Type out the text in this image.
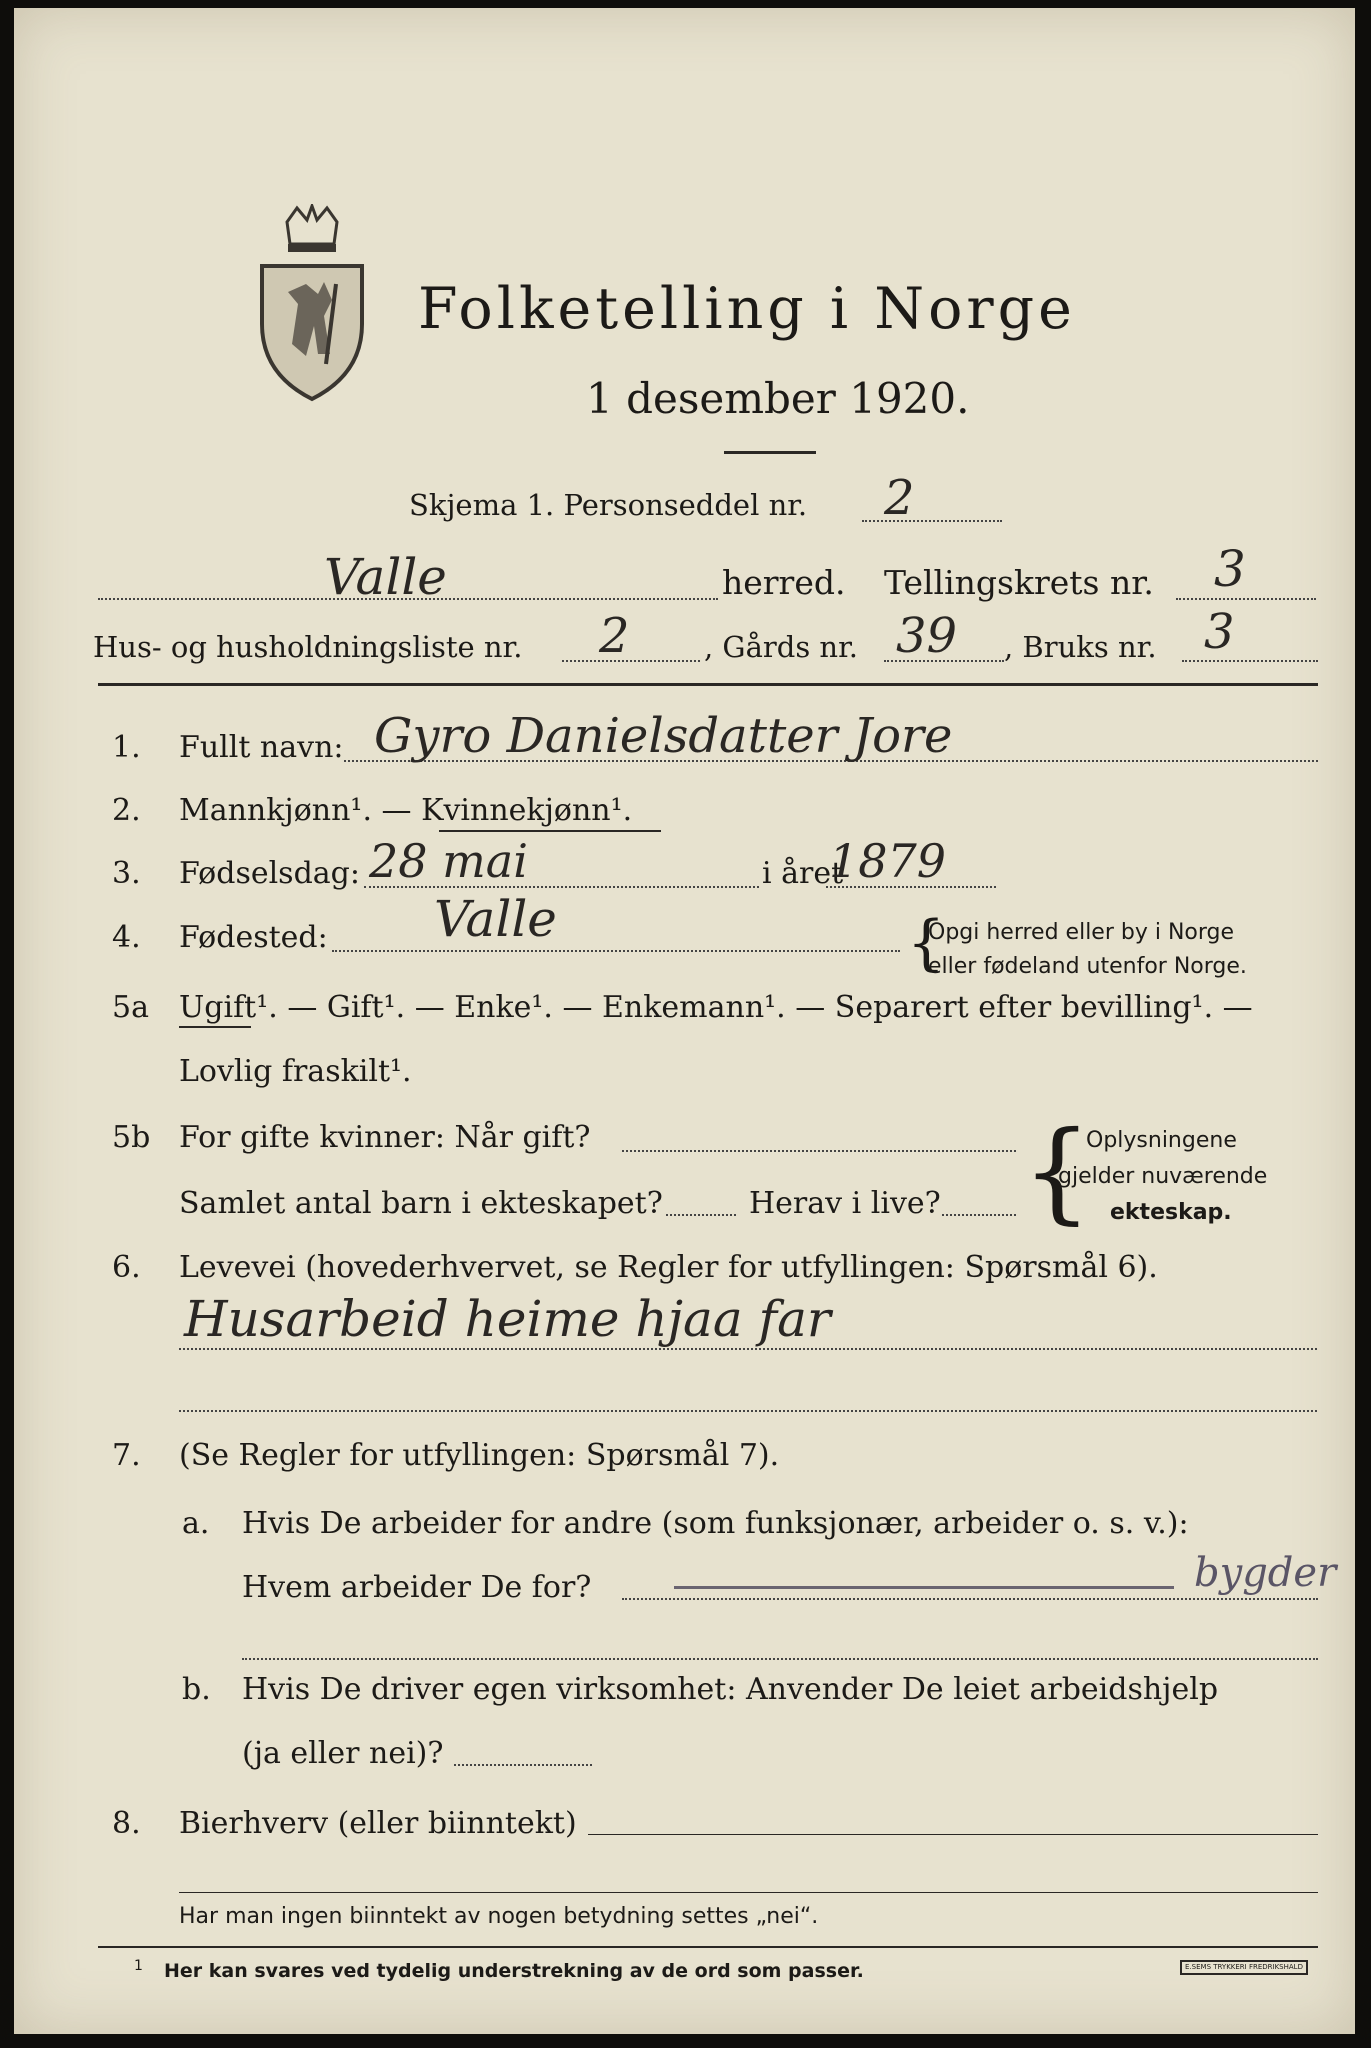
Folketelling i Norge
1 desember 1920.
Skjema 1. Personseddel nr. 2
Valle	herred. Tellingskrets nr. 3
Hus- og husholdningsliste nr. 2	, Gårds nr. 39 , Bruks nr. 3
1. Fullt navn: Gyro Danielsdatter Jore
2. Mannkjønn¹. — Kvinnekjønn¹.
3. Fødselsdag: 28 mai	i året
1879
4. Fødested: Valle	{
Opgi herred eller by i Norge
eller fødeland utenfor Norge.
5a Ugift¹. — Gift¹. — Enke¹. — Enkemann¹. — Separert efter bevilling¹. —
Lovlig fraskilt¹.
5b For gifte kvinner: Når gift?
Samlet antal barn i ekteskapet?	Herav i live? {
Oplysningene
gjelder nuværende
ekteskap.
6. Levevei (hovederhvervet, se Regler for utfyllingen: Spørsmål 6).
Husarbeid heime hjaa far
7. (Se Regler for utfyllingen: Spørsmål 7).
a. Hvis De arbeider for andre (som funksjonær, arbeider o. s. v.):
Hvem arbeider De for?	bygder
b. Hvis De driver egen virksomhet: Anvender De leiet arbeidshjelp
(ja eller nei)?
8. Bierhverv (eller biinntekt)
Har man ingen biinntekt av nogen betydning settes „nei“.
1 Her kan svares ved tydelig understrekning av de ord som passer.	E.SEMS TRYKKERI FREDRIKSHALD
